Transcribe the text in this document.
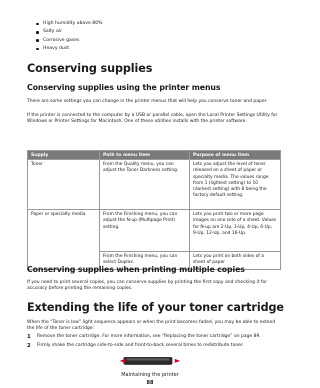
High humidity above 80%
Salty air
Corrosive gases
Heavy dust
Conserving supplies
Conserving supplies using the printer menus
There are some settings you can change in the printer menus that will help you conserve toner and paper.
If the printer is connected to the computer by a USB or parallel cable, open the Local Printer Settings Utility for Windows or Printer Settings for Macintosh. One of these utilities installs with the printer software.
Supply	Path to menu item	Purpose of menu item
Toner	From the Quality menu, you can adjust the Toner Darkness setting.	Lets you adjust the level of toner released on a sheet of paper or specialty media. The values range from 1 (lightest setting) to 10 (darkest setting) with 8 being the factory default setting.
Paper or specialty media	From the Finishing menu, you can adjust the N-up (Multipage Print) setting.	Lets you print two or more page images on one side of a sheet. Values for N-up are 2-Up, 3-Up, 4-Up, 6-Up, 9-Up, 12-Up, and 16-Up.
	From the Finishing menu, you can select Duplex.	Lets you print on both sides of a sheet of paper
Conserving supplies when printing multiple copies
If you need to print several copies, you can conserve supplies by printing the first copy and checking it for accuracy before printing the remaining copies.
Extending the life of your toner cartridge
When the “Toner is low” light sequence appears or when the print becomes faded, you may be able to extend the life of the toner cartridge:
1 Remove the toner cartridge. For more information, see “Replacing the toner cartridge” on page 89.
2 Firmly shake the cartridge side-to-side and front-to-back several times to redistribute toner.
Maintaining the printer
88
